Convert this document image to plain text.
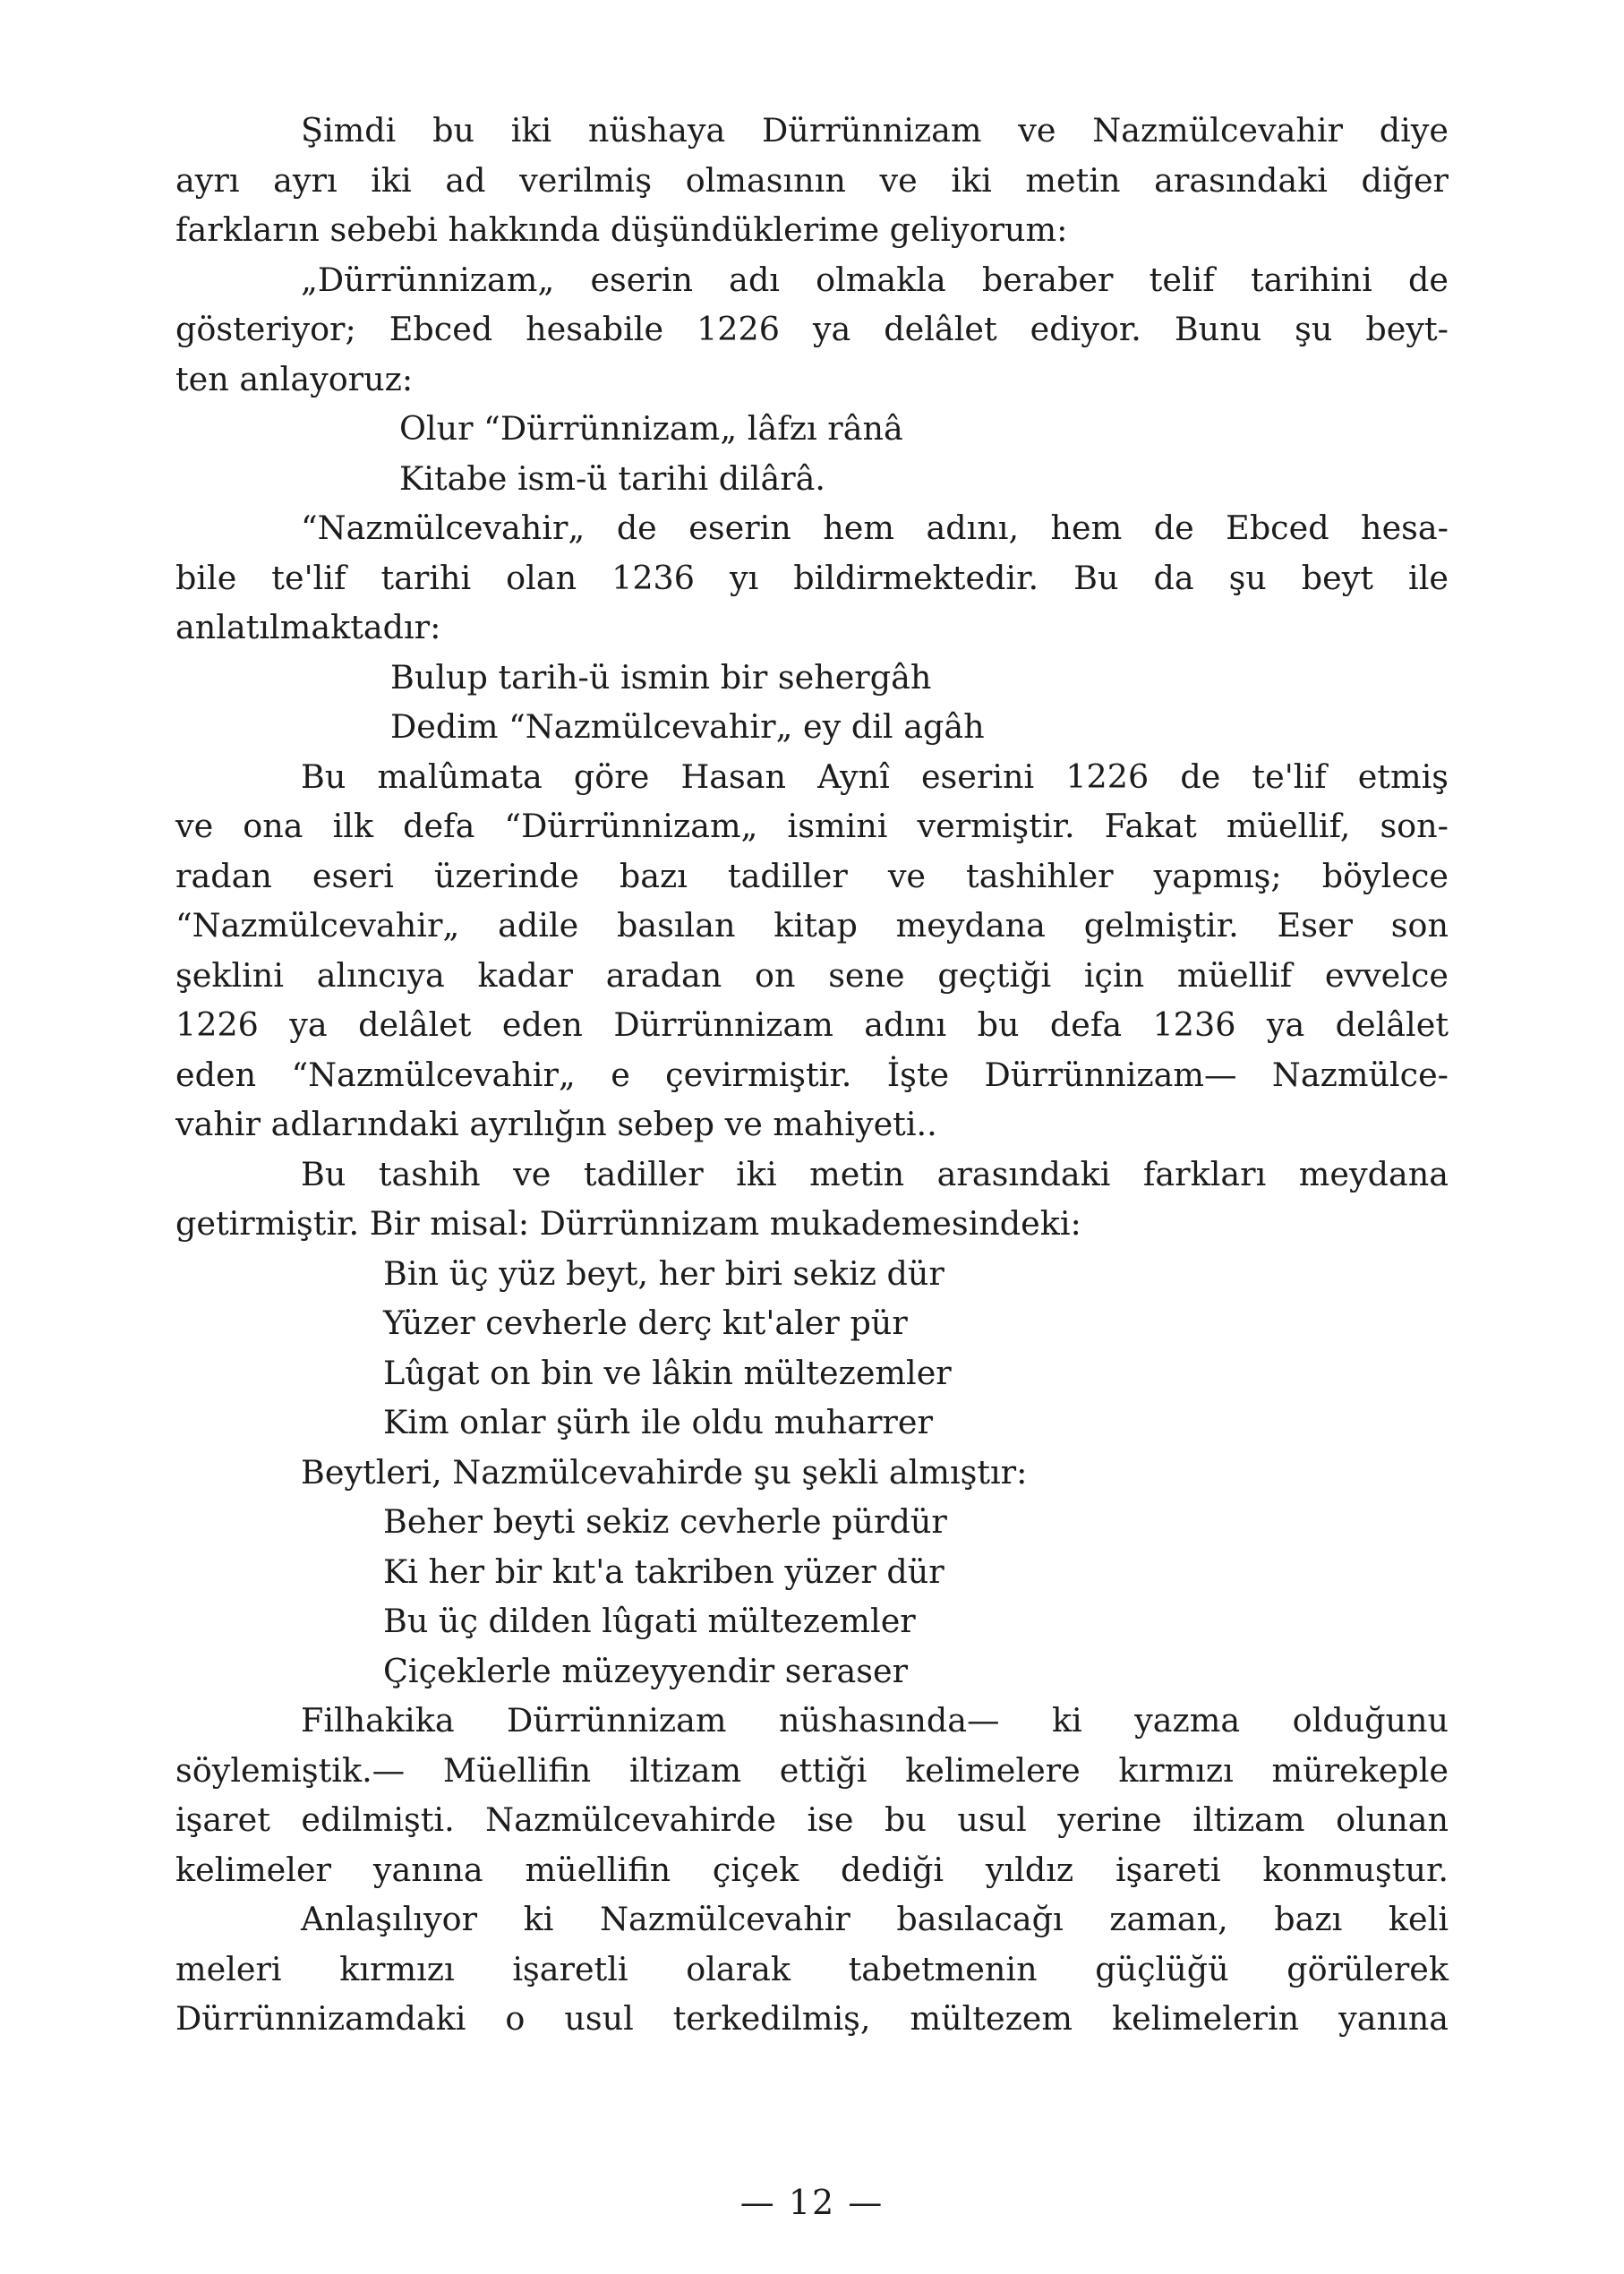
Şimdi bu iki nüshaya Dürrünnizam ve Nazmülcevahir diye
ayrı ayrı iki ad verilmiş olmasının ve iki metin arasındaki diğer
farkların sebebi hakkında düşündüklerime geliyorum:
„Dürrünnizam„ eserin adı olmakla beraber telif tarihini de
gösteriyor; Ebced hesabile 1226 ya delâlet ediyor. Bunu şu beyt-
ten anlayoruz:
Olur “Dürrünnizam„ lâfzı rânâ
Kitabe ism-ü tarihi dilârâ.
“Nazmülcevahir„ de eserin hem adını, hem de Ebced hesa-
bile te'lif tarihi olan 1236 yı bildirmektedir. Bu da şu beyt ile
anlatılmaktadır:
Bulup tarih-ü ismin bir sehergâh
Dedim “Nazmülcevahir„ ey dil agâh
Bu malûmata göre Hasan Aynî eserini 1226 de te'lif etmiş
ve ona ilk defa “Dürrünnizam„ ismini vermiştir. Fakat müellif, son-
radan eseri üzerinde bazı tadiller ve tashihler yapmış; böylece
“Nazmülcevahir„ adile basılan kitap meydana gelmiştir. Eser son
şeklini alıncıya kadar aradan on sene geçtiği için müellif evvelce
1226 ya delâlet eden Dürrünnizam adını bu defa 1236 ya delâlet
eden “Nazmülcevahir„ e çevirmiştir. İşte Dürrünnizam— Nazmülce-
vahir adlarındaki ayrılığın sebep ve mahiyeti..
Bu tashih ve tadiller iki metin arasındaki farkları meydana
getirmiştir. Bir misal: Dürrünnizam mukademesindeki:
Bin üç yüz beyt, her biri sekiz dür
Yüzer cevherle derç kıt'aler pür
Lûgat on bin ve lâkin mültezemler
Kim onlar şürh ile oldu muharrer
Beytleri, Nazmülcevahirde şu şekli almıştır:
Beher beyti sekiz cevherle pürdür
Ki her bir kıt'a takriben yüzer dür
Bu üç dilden lûgati mültezemler
Çiçeklerle müzeyyendir seraser
Filhakika Dürrünnizam nüshasında— ki yazma olduğunu
söylemiştik.— Müellifin iltizam ettiği kelimelere kırmızı mürekeple
işaret edilmişti. Nazmülcevahirde ise bu usul yerine iltizam olunan
kelimeler yanına müellifin çiçek dediği yıldız işareti konmuştur.
Anlaşılıyor ki Nazmülcevahir basılacağı zaman, bazı keli
meleri kırmızı işaretli olarak tabetmenin güçlüğü görülerek
Dürrünnizamdaki o usul terkedilmiş, mültezem kelimelerin yanına
— 12 —
